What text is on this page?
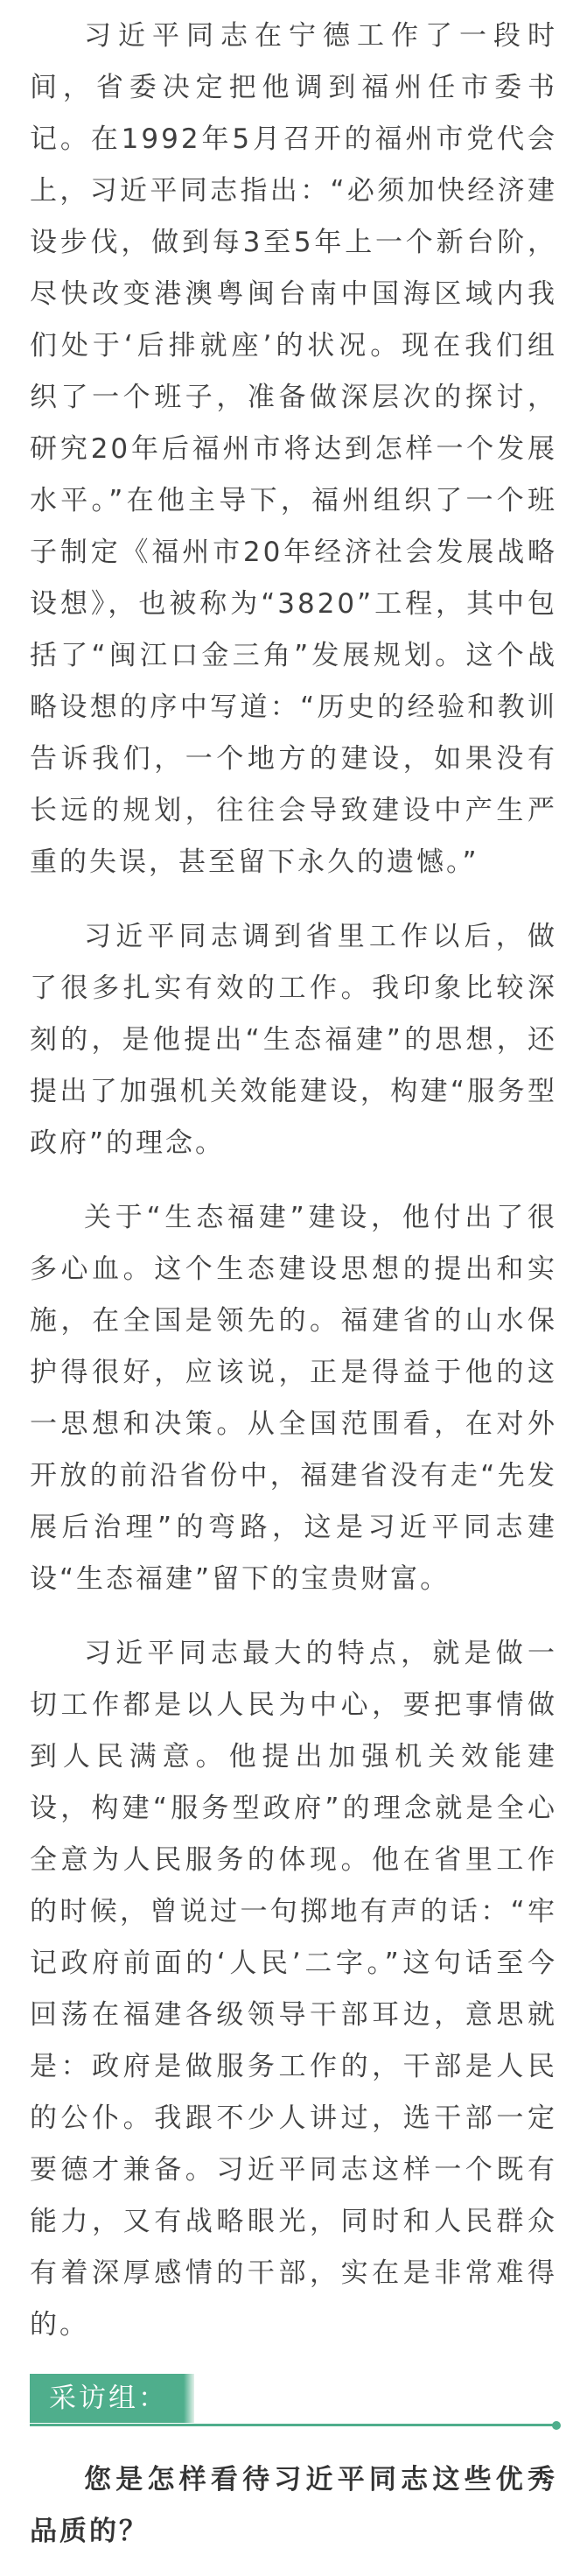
习近平同志在宁德工作了一段时间，省委决定把他调到福州任市委书记。在1992年5月召开的福州市党代会上，习近平同志指出：“必须加快经济建设步伐，做到每3至5年上一个新台阶，尽快改变港澳粤闽台南中国海区域内我们处于‘后排就座’的状况。现在我们组织了一个班子，准备做深层次的探讨，研究20年后福州市将达到怎样一个发展水平。”在他主导下，福州组织了一个班子制定《福州市20年经济社会发展战略设想》，也被称为“3820”工程，其中包括了“闽江口金三角”发展规划。这个战略设想的序中写道：“历史的经验和教训告诉我们，一个地方的建设，如果没有长远的规划，往往会导致建设中产生严重的失误，甚至留下永久的遗憾。”

习近平同志调到省里工作以后，做了很多扎实有效的工作。我印象比较深刻的，是他提出“生态福建”的思想，还提出了加强机关效能建设，构建“服务型政府”的理念。

关于“生态福建”建设，他付出了很多心血。这个生态建设思想的提出和实施，在全国是领先的。福建省的山水保护得很好，应该说，正是得益于他的这一思想和决策。从全国范围看，在对外开放的前沿省份中，福建省没有走“先发展后治理”的弯路，这是习近平同志建设“生态福建”留下的宝贵财富。

习近平同志最大的特点，就是做一切工作都是以人民为中心，要把事情做到人民满意。他提出加强机关效能建设，构建“服务型政府”的理念就是全心全意为人民服务的体现。他在省里工作的时候，曾说过一句掷地有声的话：“牢记政府前面的‘人民’二字。”这句话至今回荡在福建各级领导干部耳边，意思就是：政府是做服务工作的，干部是人民的公仆。我跟不少人讲过，选干部一定要德才兼备。习近平同志这样一个既有能力，又有战略眼光，同时和人民群众有着深厚感情的干部，实在是非常难得的。

采访组：

您是怎样看待习近平同志这些优秀品质的？
